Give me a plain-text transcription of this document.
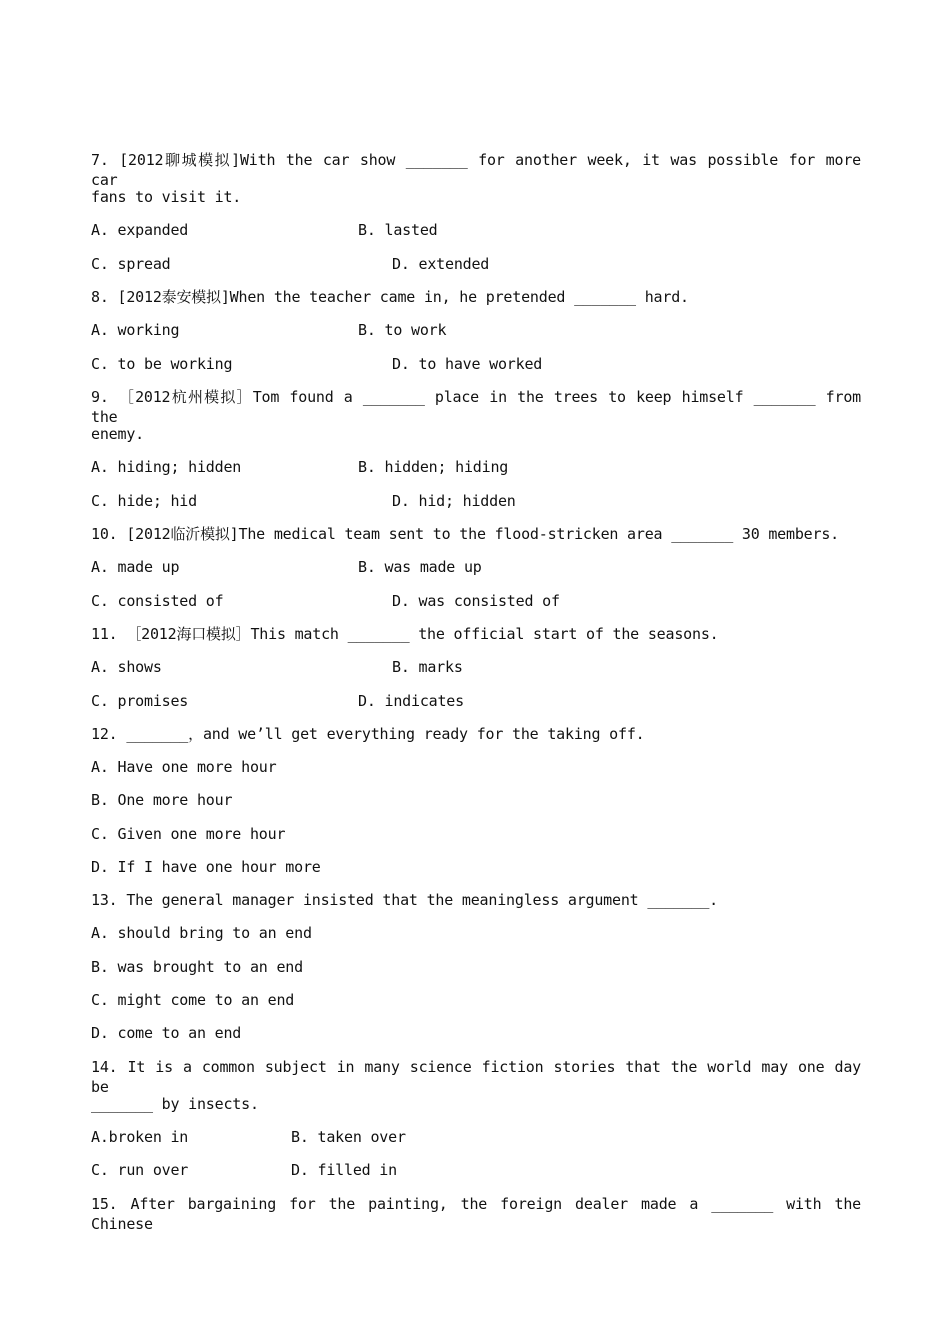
7. [2012聊城模拟]With the car show _______ for another week, it was possible for more car
fans to visit it.
A. expanded	B. lasted
C. spread	D. extended
8. [2012泰安模拟]When the teacher came in, he pretended _______ hard.
A. working	B. to work
C. to be working	D. to have worked
9. ［2012杭州模拟］Tom found a _______ place in the trees to keep himself _______ from the
enemy.
A. hiding; hidden	B. hidden; hiding
C. hide; hid	D. hid; hidden
10. [2012临沂模拟]The medical team sent to the flood-stricken area _______ 30 members.
A. made up	B. was made up
C. consisted of	D. was consisted of
11. ［2012海口模拟］This match _______ the official start of the seasons.
A. shows	B. marks
C. promises	D. indicates
12. _______，and we’ll get everything ready for the taking off.
A. Have one more hour
B. One more hour
C. Given one more hour
D. If I have one hour more
13. The general manager insisted that the meaningless argument _______.
A. should bring to an end
B. was brought to an end
C. might come to an end
D. come to an end
14. It is a common subject in many science fiction stories that the world may one day be
_______ by insects.
A.broken in	B. taken over
C. run over	D. filled in
15. After bargaining for the painting, the foreign dealer made a _______ with the Chinese
